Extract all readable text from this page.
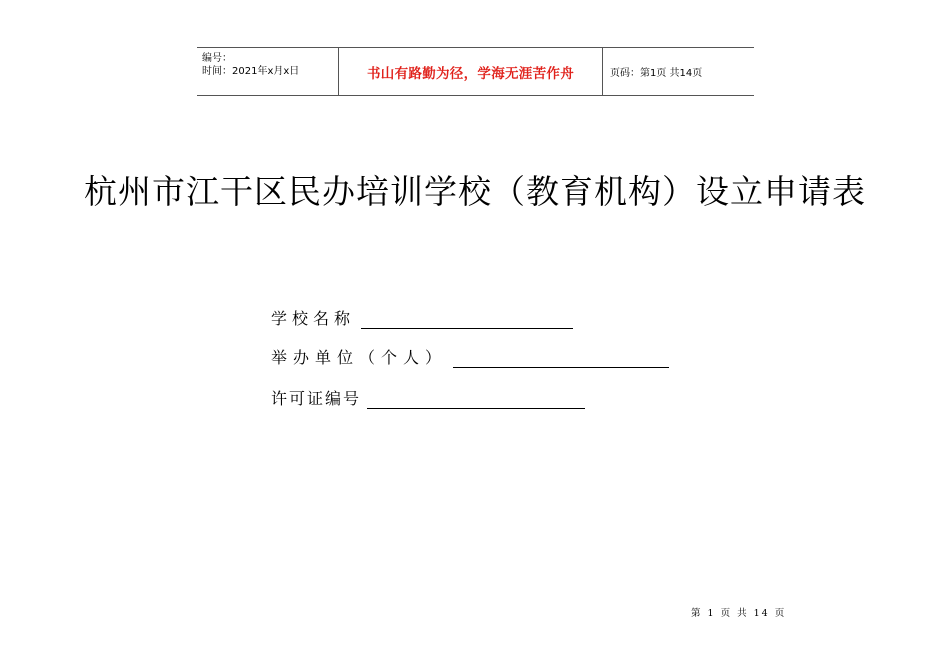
编号：
时间：2021年x月x日	书山有路勤为径，学海无涯苦作舟	页码：第1页 共14页
杭州市江干区民办培训学校（教育机构）设立申请表
学校名称
举办单位（个人）
许可证编号
第 1 页 共 14 页
